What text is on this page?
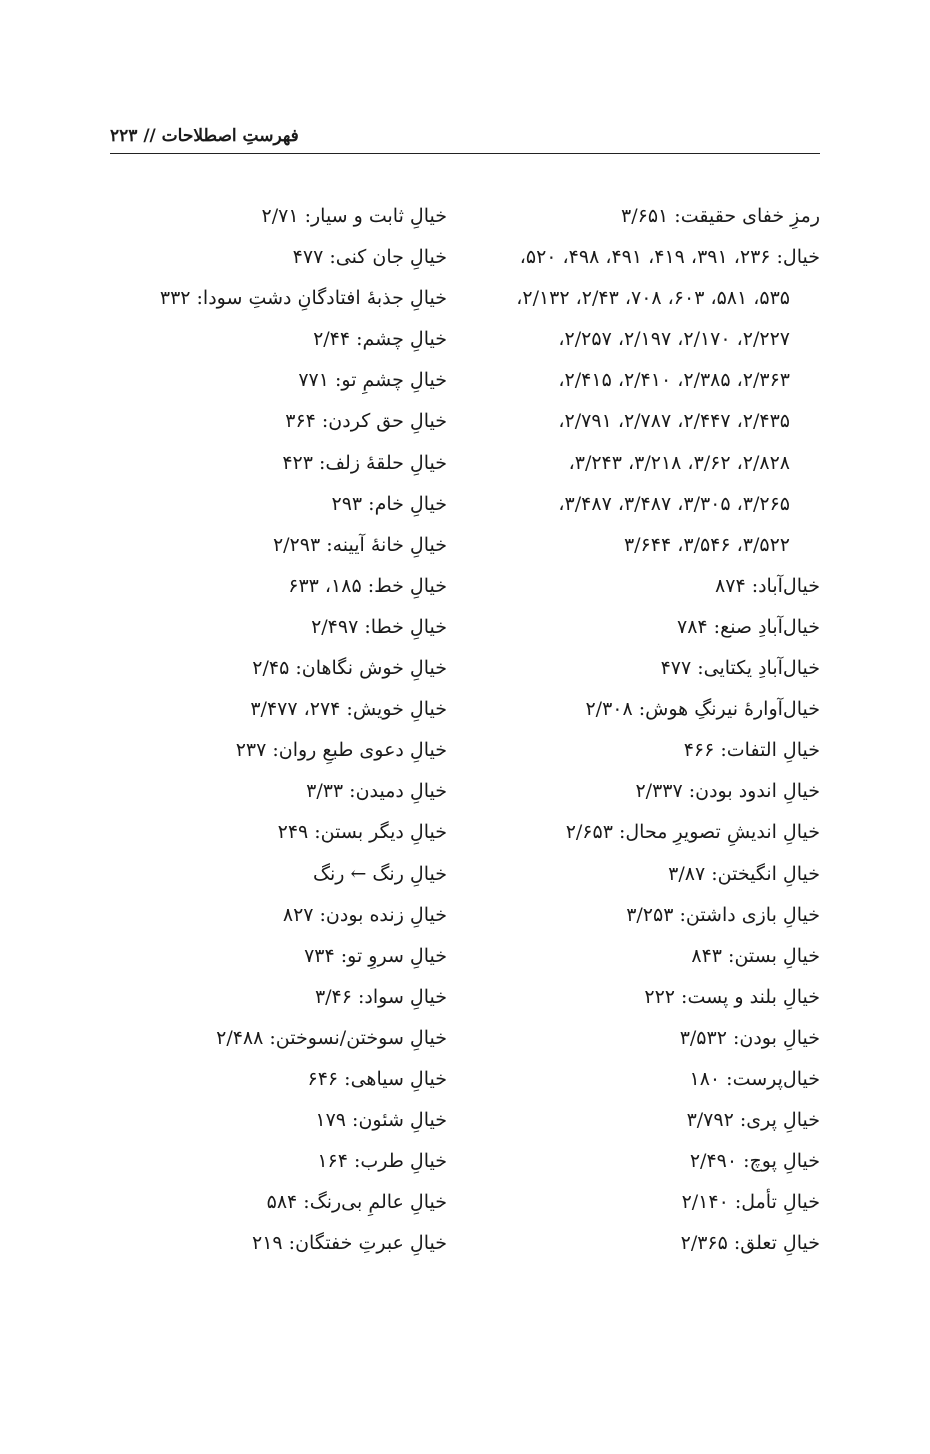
فهرستِ اصطلاحات // ۲۲۳
رمزِ خفای حقیقت: ۳/۶۵۱
خیال: ۲۳۶، ۳۹۱، ۴۱۹، ۴۹۱، ۴۹۸، ۵۲۰،
۵۳۵، ۵۸۱، ۶۰۳، ۷۰۸، ۲/۴۳، ۲/۱۳۲،
۲/۲۲۷، ۲/۱۷۰، ۲/۱۹۷، ۲/۲۵۷،
۲/۳۶۳، ۲/۳۸۵، ۲/۴۱۰، ۲/۴۱۵،
۲/۴۳۵، ۲/۴۴۷، ۲/۷۸۷، ۲/۷۹۱،
۲/۸۲۸، ۳/۶۲، ۳/۲۱۸، ۳/۲۴۳،
۳/۲۶۵، ۳/۳۰۵، ۳/۴۸۷، ۳/۴۸۷،
۳/۵۲۲، ۳/۵۴۶، ۳/۶۴۴
خیال‌آباد: ۸۷۴
خیال‌آبادِ صنع: ۷۸۴
خیال‌آبادِ یکتایی: ۴۷۷
خیال‌آوارهٔ نیرنگِ هوش: ۲/۳۰۸
خیالِ التفات: ۴۶۶
خیالِ اندود بودن: ۲/۳۳۷
خیالِ اندیشِ تصویرِ محال: ۲/۶۵۳
خیالِ انگیختن: ۳/۸۷
خیالِ بازی داشتن: ۳/۲۵۳
خیالِ بستن: ۸۴۳
خیالِ بلند و پست: ۲۲۲
خیالِ بودن: ۳/۵۳۲
خیال‌پرست: ۱۸۰
خیالِ پری: ۳/۷۹۲
خیالِ پوچ: ۲/۴۹۰
خیالِ تأمل: ۲/۱۴۰
خیالِ تعلق: ۲/۳۶۵
خیالِ ثابت و سیار: ۲/۷۱
خیالِ جان کنی: ۴۷۷
خیالِ جذبهٔ افتادگانِ دشتِ سودا: ۳۳۲
خیالِ چشم: ۲/۴۴
خیالِ چشمِ تو: ۷۷۱
خیالِ حق کردن: ۳۶۴
خیالِ حلقهٔ زلف: ۴۲۳
خیالِ خام: ۲۹۳
خیالِ خانهٔ آیینه: ۲/۲۹۳
خیالِ خط: ۱۸۵، ۶۳۳
خیالِ خطا: ۲/۴۹۷
خیالِ خوش نگاهان: ۲/۴۵
خیالِ خویش: ۲۷۴، ۳/۴۷۷
خیالِ دعوی طبعِ روان: ۲۳۷
خیالِ دمیدن: ۳/۳۳
خیالِ دیگر بستن: ۲۴۹
خیالِ رنگ ← رنگ
خیالِ زنده بودن: ۸۲۷
خیالِ سروِ تو: ۷۳۴
خیالِ سواد: ۳/۴۶
خیالِ سوختن/نسوختن: ۲/۴۸۸
خیالِ سیاهی: ۶۴۶
خیالِ شئون: ۱۷۹
خیالِ طرب: ۱۶۴
خیالِ عالمِ بی‌رنگ: ۵۸۴
خیالِ عبرتِ خفتگان: ۲۱۹
